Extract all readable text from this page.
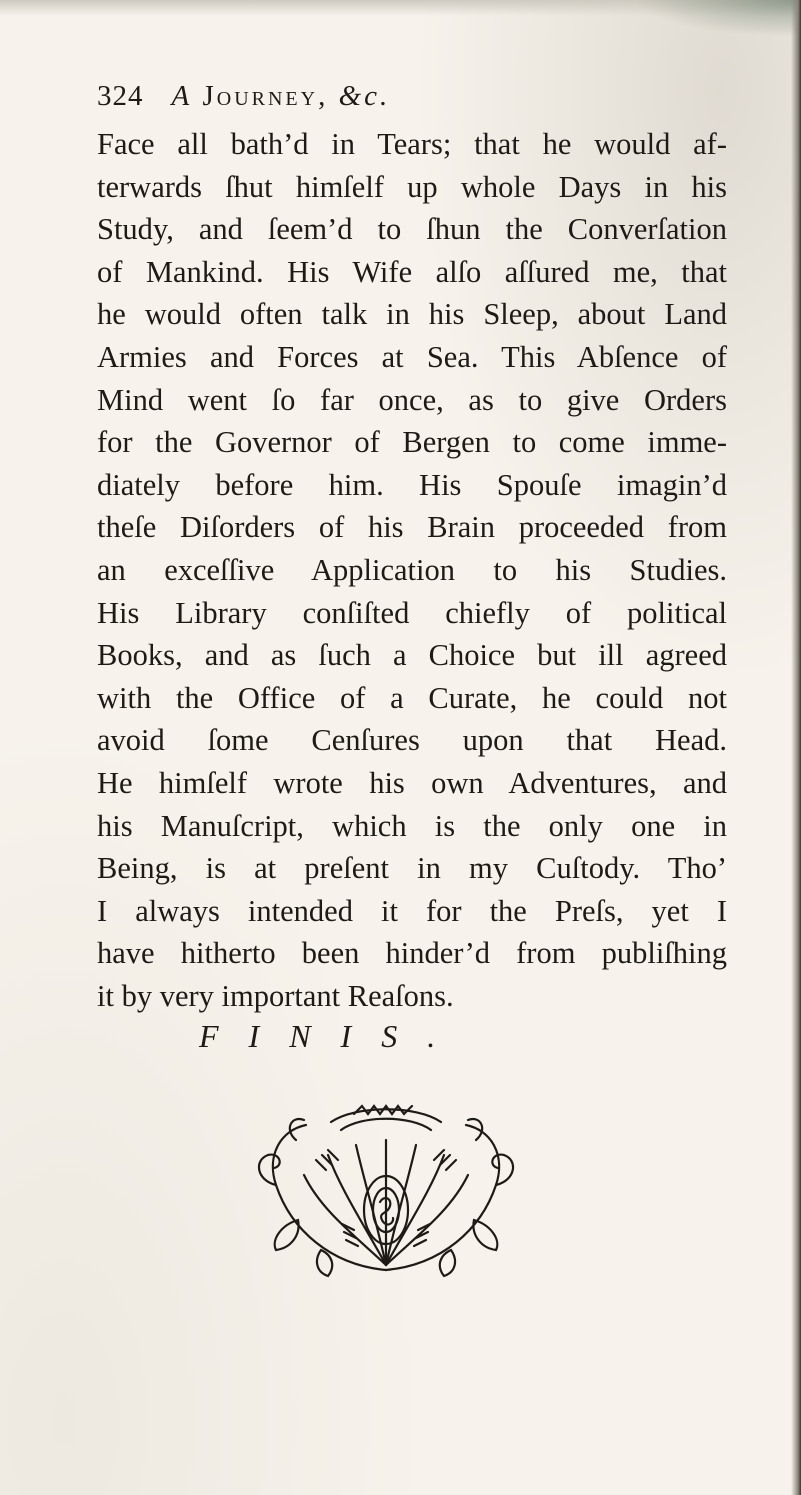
324 A Journey, &c.
Face all bath’d in Tears; that he would af-
terwards ſhut himſelf up whole Days in his
Study, and ſeem’d to ſhun the Converſation
of Mankind. His Wife alſo aſſured me, that
he would often talk in his Sleep, about Land
Armies and Forces at Sea. This Abſence of
Mind went ſo far once, as to give Orders
for the Governor of Bergen to come imme-
diately before him. His Spouſe imagin’d
theſe Diſorders of his Brain proceeded from
an exceſſive Application to his Studies.
His Library conſiſted chiefly of political
Books, and as ſuch a Choice but ill agreed
with the Office of a Curate, he could not
avoid ſome Cenſures upon that Head.
He himſelf wrote his own Adventures, and
his Manuſcript, which is the only one in
Being, is at preſent in my Cuſtody. Tho’
I always intended it for the Preſs, yet I
have hitherto been hinder’d from publiſhing
it by very important Reaſons.
FINIS.
